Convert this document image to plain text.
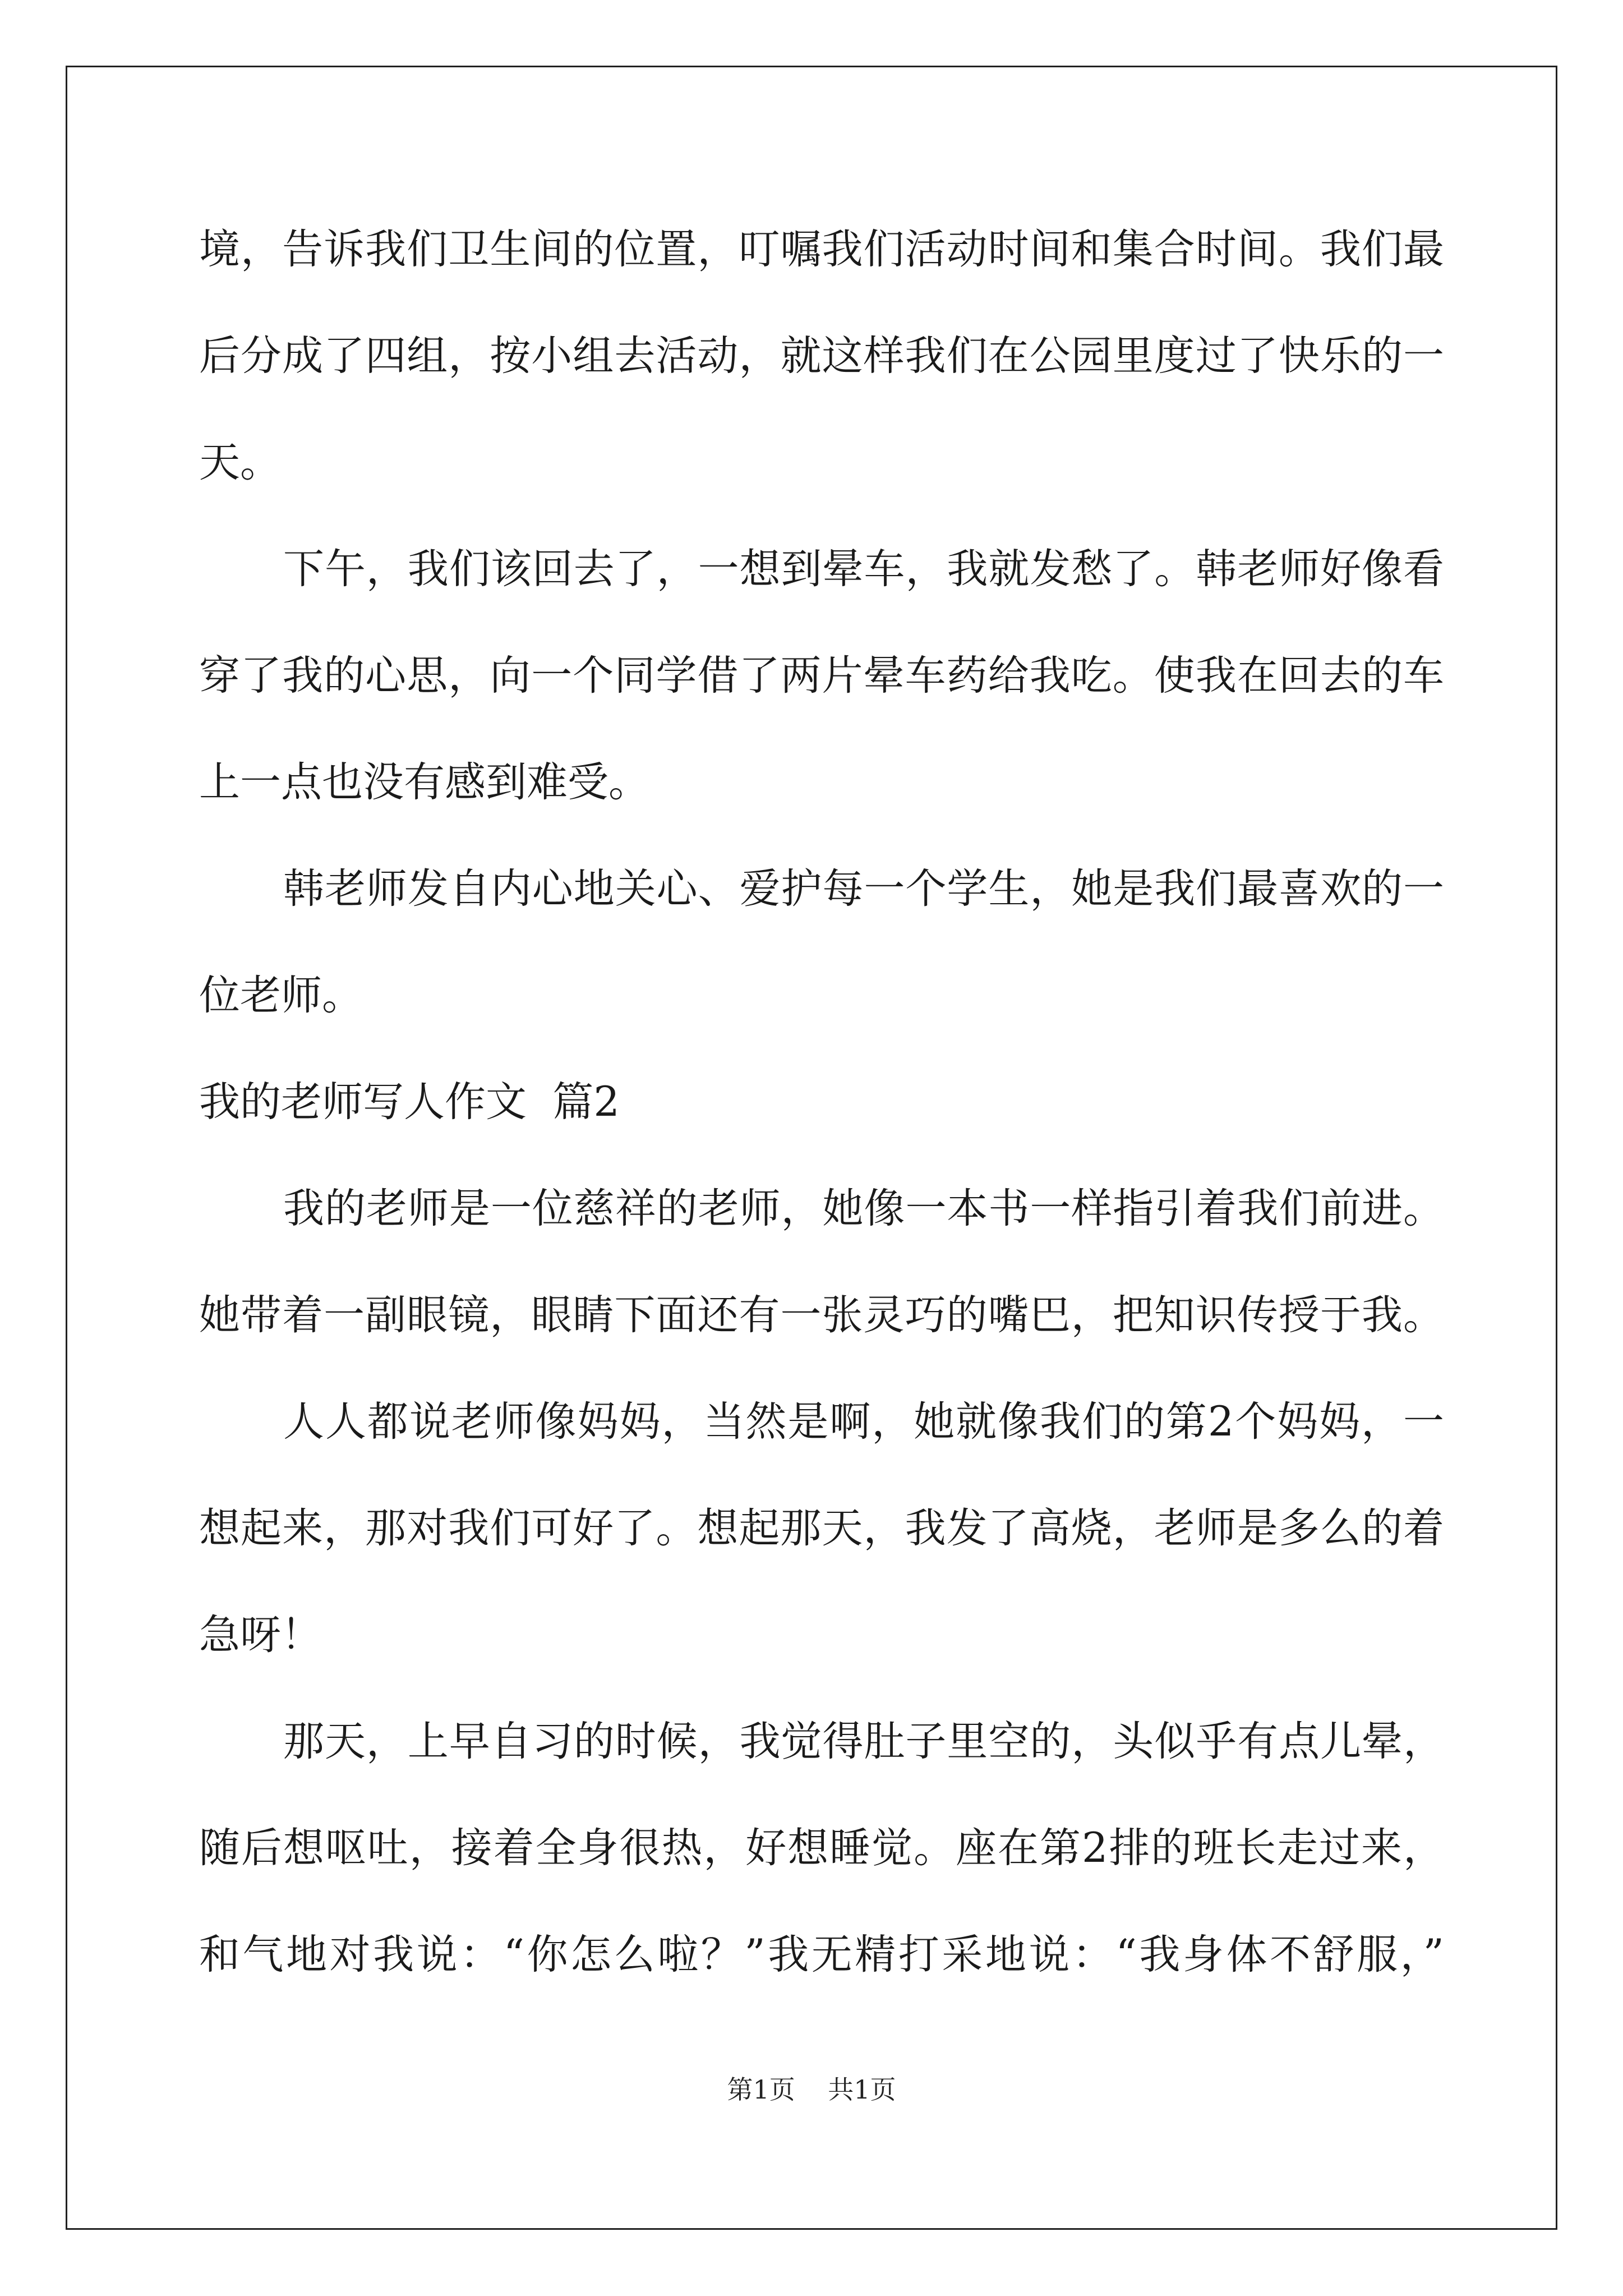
境，告诉我们卫生间的位置，叮嘱我们活动时间和集合时间。我们最
后分成了四组，按小组去活动，就这样我们在公园里度过了快乐的一
天。
下午，我们该回去了，一想到晕车，我就发愁了。韩老师好像看
穿了我的心思，向一个同学借了两片晕车药给我吃。使我在回去的车
上一点也没有感到难受。
韩老师发自内心地关心、爱护每一个学生，她是我们最喜欢的一
位老师。
我的老师写人作文  篇2
我的老师是一位慈祥的老师，她像一本书一样指引着我们前进。
她带着一副眼镜，眼睛下面还有一张灵巧的嘴巴，把知识传授于我。
人人都说老师像妈妈，当然是啊，她就像我们的第2个妈妈，一
想起来，那对我们可好了。想起那天，我发了高烧，老师是多么的着
急呀！
那天，上早自习的时候，我觉得肚子里空的，头似乎有点儿晕，
随后想呕吐，接着全身很热，好想睡觉。座在第2排的班长走过来，
和气地对我说：“你怎么啦？”我无精打采地说：“我身体不舒服，”
第1页    共1页
